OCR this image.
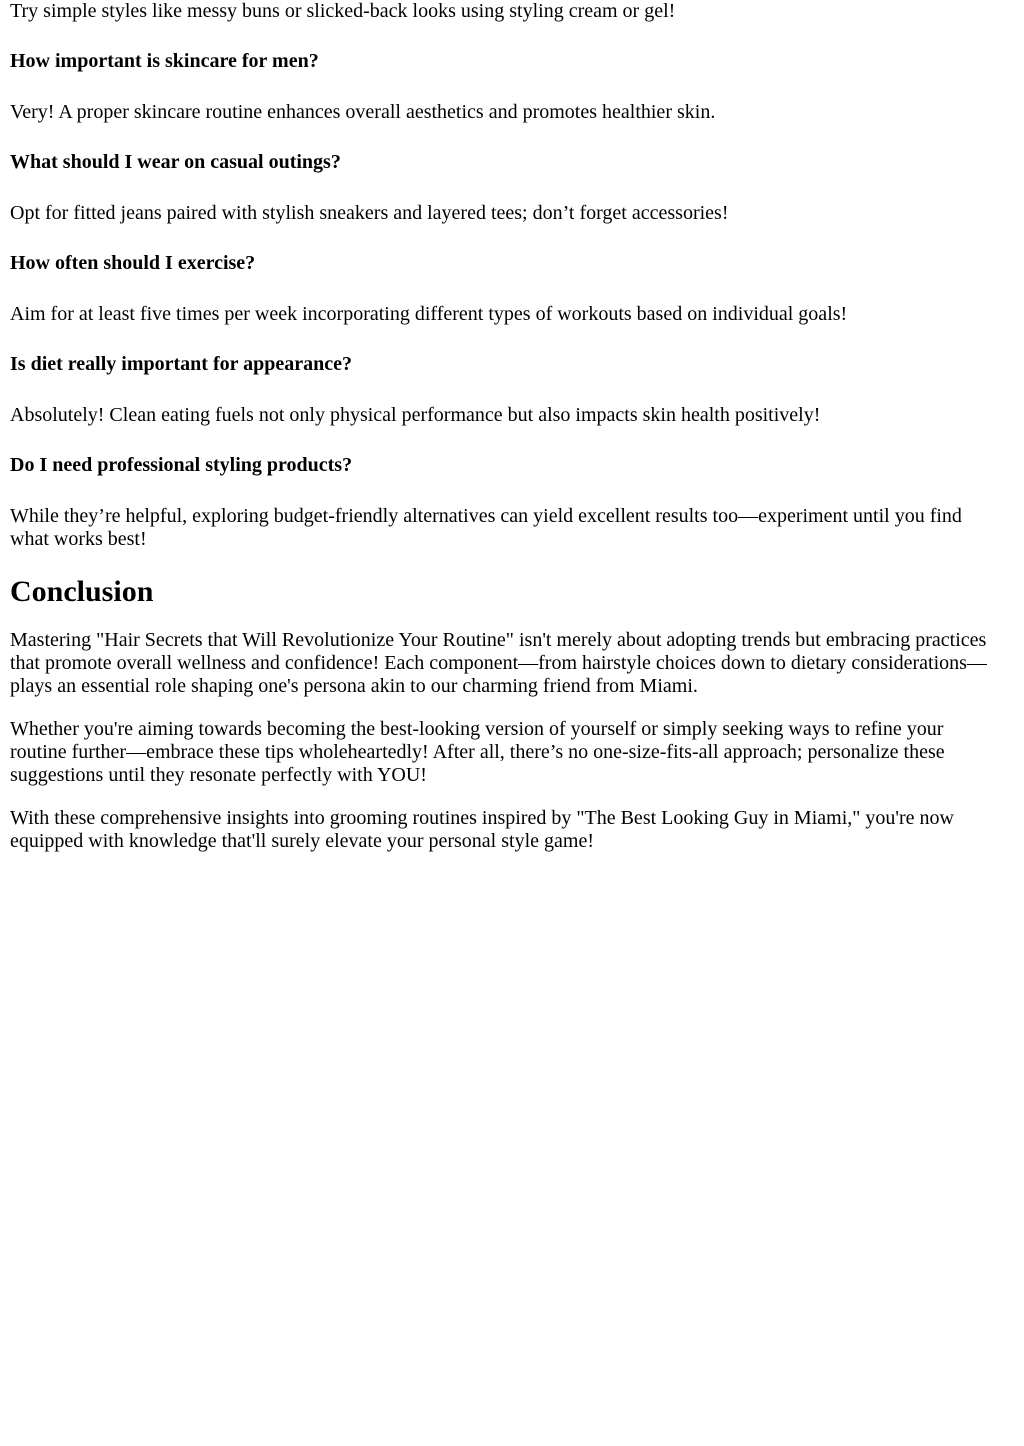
Try simple styles like messy buns or slicked-back looks using styling cream or gel!

How important is skincare for men?

Very! A proper skincare routine enhances overall aesthetics and promotes healthier skin.

What should I wear on casual outings?

Opt for fitted jeans paired with stylish sneakers and layered tees; don’t forget accessories!

How often should I exercise?

Aim for at least five times per week incorporating different types of workouts based on individual goals!

Is diet really important for appearance?

Absolutely! Clean eating fuels not only physical performance but also impacts skin health positively!

Do I need professional styling products?

While they’re helpful, exploring budget-friendly alternatives can yield excellent results too—experiment until you find what works best!

Conclusion

Mastering "Hair Secrets that Will Revolutionize Your Routine" isn't merely about adopting trends but embracing practices that promote overall wellness and confidence! Each component—from hairstyle choices down to dietary considerations—plays an essential role shaping one's persona akin to our charming friend from Miami.

Whether you're aiming towards becoming the best-looking version of yourself or simply seeking ways to refine your routine further—embrace these tips wholeheartedly! After all, there’s no one-size-fits-all approach; personalize these suggestions until they resonate perfectly with YOU!

With these comprehensive insights into grooming routines inspired by "The Best Looking Guy in Miami," you're now equipped with knowledge that'll surely elevate your personal style game!
